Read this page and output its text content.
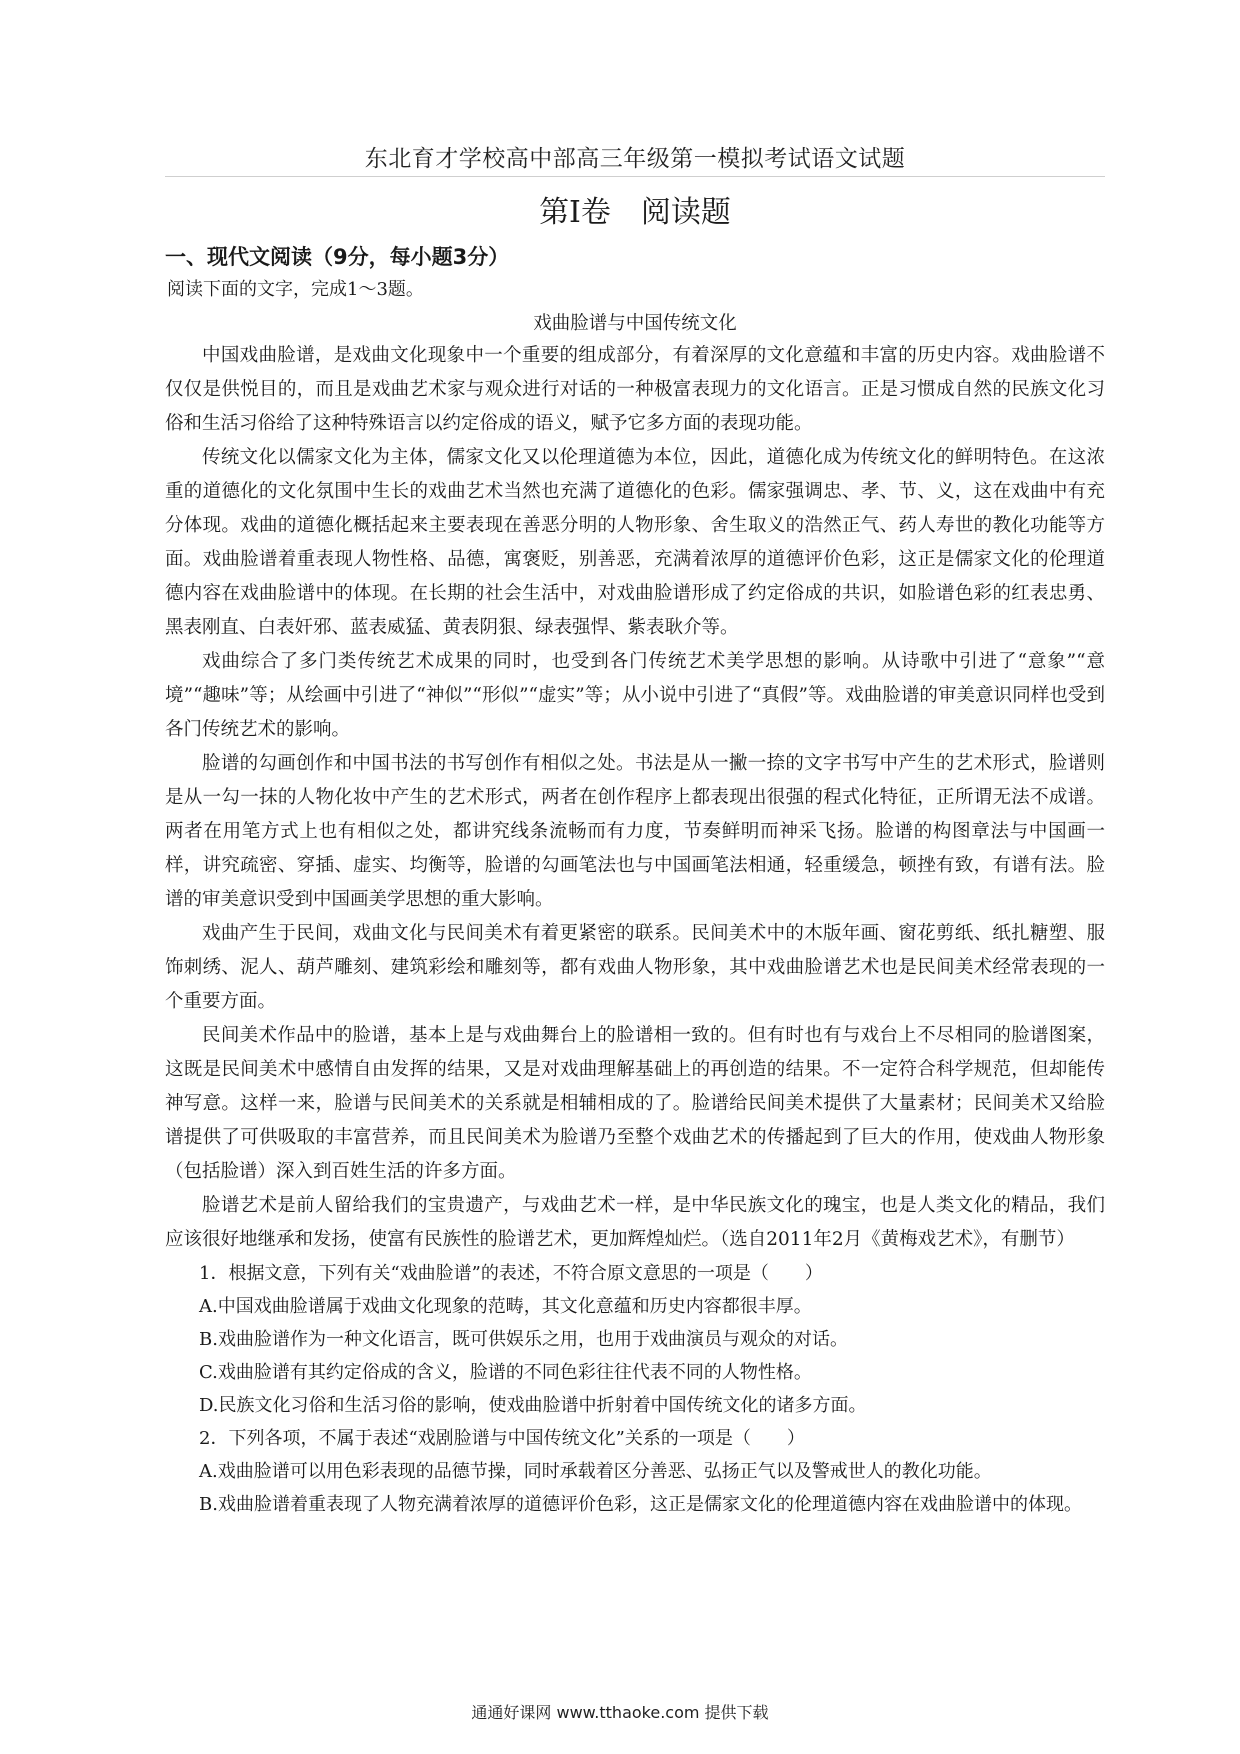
东北育才学校高中部高三年级第一模拟考试语文试题
第Ⅰ卷　阅读题
一、现代文阅读（9分，每小题3分）
阅读下面的文字，完成1～3题。
戏曲脸谱与中国传统文化

中国戏曲脸谱，是戏曲文化现象中一个重要的组成部分，有着深厚的文化意蕴和丰富的历史内容。戏曲脸谱不仅仅是供悦目的，而且是戏曲艺术家与观众进行对话的一种极富表现力的文化语言。正是习惯成自然的民族文化习俗和生活习俗给了这种特殊语言以约定俗成的语义，赋予它多方面的表现功能。

传统文化以儒家文化为主体，儒家文化又以伦理道德为本位，因此，道德化成为传统文化的鲜明特色。在这浓重的道德化的文化氛围中生长的戏曲艺术当然也充满了道德化的色彩。儒家强调忠、孝、节、义，这在戏曲中有充分体现。戏曲的道德化概括起来主要表现在善恶分明的人物形象、舍生取义的浩然正气、药人寿世的教化功能等方面。戏曲脸谱着重表现人物性格、品德，寓褒贬，别善恶，充满着浓厚的道德评价色彩，这正是儒家文化的伦理道德内容在戏曲脸谱中的体现。在长期的社会生活中，对戏曲脸谱形成了约定俗成的共识，如脸谱色彩的红表忠勇、黑表刚直、白表奸邪、蓝表威猛、黄表阴狠、绿表强悍、紫表耿介等。

戏曲综合了多门类传统艺术成果的同时，也受到各门传统艺术美学思想的影响。从诗歌中引进了“意象”“意境”“趣味”等；从绘画中引进了“神似”“形似”“虚实”等；从小说中引进了“真假”等。戏曲脸谱的审美意识同样也受到各门传统艺术的影响。

脸谱的勾画创作和中国书法的书写创作有相似之处。书法是从一撇一捺的文字书写中产生的艺术形式，脸谱则是从一勾一抹的人物化妆中产生的艺术形式，两者在创作程序上都表现出很强的程式化特征，正所谓无法不成谱。两者在用笔方式上也有相似之处，都讲究线条流畅而有力度，节奏鲜明而神采飞扬。脸谱的构图章法与中国画一样，讲究疏密、穿插、虚实、均衡等，脸谱的勾画笔法也与中国画笔法相通，轻重缓急，顿挫有致，有谱有法。脸谱的审美意识受到中国画美学思想的重大影响。

戏曲产生于民间，戏曲文化与民间美术有着更紧密的联系。民间美术中的木版年画、窗花剪纸、纸扎糖塑、服饰刺绣、泥人、葫芦雕刻、建筑彩绘和雕刻等，都有戏曲人物形象，其中戏曲脸谱艺术也是民间美术经常表现的一个重要方面。

民间美术作品中的脸谱，基本上是与戏曲舞台上的脸谱相一致的。但有时也有与戏台上不尽相同的脸谱图案，这既是民间美术中感情自由发挥的结果，又是对戏曲理解基础上的再创造的结果。不一定符合科学规范，但却能传神写意。这样一来，脸谱与民间美术的关系就是相辅相成的了。脸谱给民间美术提供了大量素材；民间美术又给脸谱提供了可供吸取的丰富营养，而且民间美术为脸谱乃至整个戏曲艺术的传播起到了巨大的作用，使戏曲人物形象（包括脸谱）深入到百姓生活的许多方面。

脸谱艺术是前人留给我们的宝贵遗产，与戏曲艺术一样，是中华民族文化的瑰宝，也是人类文化的精品，我们应该很好地继承和发扬，使富有民族性的脸谱艺术，更加辉煌灿烂。（选自2011年2月《黄梅戏艺术》，有删节）

1．根据文意，下列有关“戏曲脸谱”的表述，不符合原文意思的一项是（　　）

A.中国戏曲脸谱属于戏曲文化现象的范畴，其文化意蕴和历史内容都很丰厚。

B.戏曲脸谱作为一种文化语言，既可供娱乐之用，也用于戏曲演员与观众的对话。

C.戏曲脸谱有其约定俗成的含义，脸谱的不同色彩往往代表不同的人物性格。

D.民族文化习俗和生活习俗的影响，使戏曲脸谱中折射着中国传统文化的诸多方面。

2．下列各项，不属于表述“戏剧脸谱与中国传统文化”关系的一项是（　　）

A.戏曲脸谱可以用色彩表现的品德节操，同时承载着区分善恶、弘扬正气以及警戒世人的教化功能。

B.戏曲脸谱着重表现了人物充满着浓厚的道德评价色彩，这正是儒家文化的伦理道德内容在戏曲脸谱中的体现。

通通好课网 www.tthaoke.com 提供下载
